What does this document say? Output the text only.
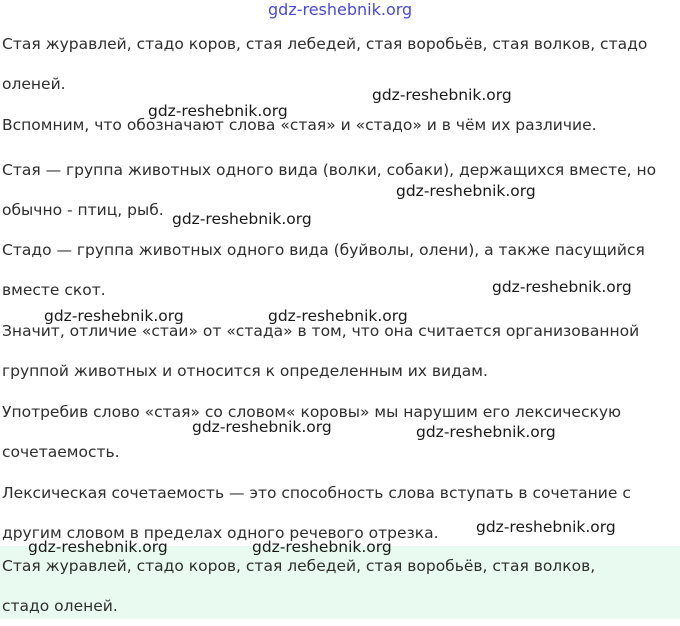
gdz-reshebnik.org

Стая журавлей, стадо коров, стая лебедей, стая воробьёв, стая волков, стадо
оленей.

Вспомним, что обозначают слова «стая» и «стадо» и в чём их различие.

Стая — группа животных одного вида (волки, собаки), держащихся вместе, но
обычно - птиц, рыб.

Стадо — группа животных одного вида (буйволы, олени), а также пасущийся
вместе скот.

Значит, отличие «стаи» от «стада» в том, что она считается организованной
группой животных и относится к определенным их видам.

Употребив слово «стая» со словом« коровы» мы нарушим его лексическую
сочетаемость.

Лексическая сочетаемость — это способность слова вступать в сочетание с
другим словом в пределах одного речевого отрезка.

Стая журавлей, стадо коров, стая лебедей, стая воробьёв, стая волков,
стадо оленей.

gdz-reshebnik.org
gdz-reshebnik.org
gdz-reshebnik.org
gdz-reshebnik.org
gdz-reshebnik.org
gdz-reshebnik.org	gdz-reshebnik.org
gdz-reshebnik.org	gdz-reshebnik.org
gdz-reshebnik.org
gdz-reshebnik.org	gdz-reshebnik.org
